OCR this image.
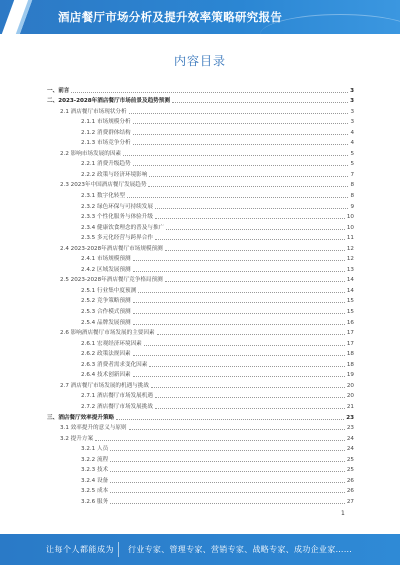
酒店餐厅市场分析及提升效率策略研究报告
内容目录
一、前言	3
二、2023-2028年酒店餐厅市场前景及趋势预测	3
2.1 酒店餐厅市场现状分析	3
2.1.1 市场规模分析	3
2.1.2 消费群体结构	4
2.1.3 市场竞争分析	4
2.2 影响市场发展的因素	5
2.2.1 消费升级趋势	5
2.2.2 政策与经济环境影响	7
2.3 2023年中国酒店餐厅发展趋势	8
2.3.1 数字化转型	8
2.3.2 绿色环保与可持续发展	9
2.3.3 个性化服务与体验升级	10
2.3.4 健康饮食理念的普及与推广	10
2.3.5 多元化经营与跨界合作	11
2.4 2023-2028年酒店餐厅市场规模预测	12
2.4.1 市场规模预测	12
2.4.2 区域发展预测	13
2.5 2023-2028年酒店餐厅竞争格局预测	14
2.5.1 行业集中度预测	14
2.5.2 竞争策略预测	15
2.5.3 合作模式预测	15
2.5.4 品牌发展预测	16
2.6 影响酒店餐厅市场发展的主要因素	17
2.6.1 宏观经济环境因素	17
2.6.2 政策法规因素	18
2.6.3 消费者需求变化因素	18
2.6.4 技术创新因素	19
2.7 酒店餐厅市场发展的机遇与挑战	20
2.7.1 酒店餐厅市场发展机遇	20
2.7.2 酒店餐厅市场发展挑战	21
三、酒店餐厅效率提升策略	23
3.1 效率提升的意义与原则	23
3.2 提升方案	24
3.2.1 人员	24
3.2.2 流程	25
3.2.3 技术	25
3.2.4 设备	26
3.2.5 成本	26
3.2.6 服务	27
1
让每个人都能成为 行业专家、管理专家、营销专家、战略专家、成功企业家……
